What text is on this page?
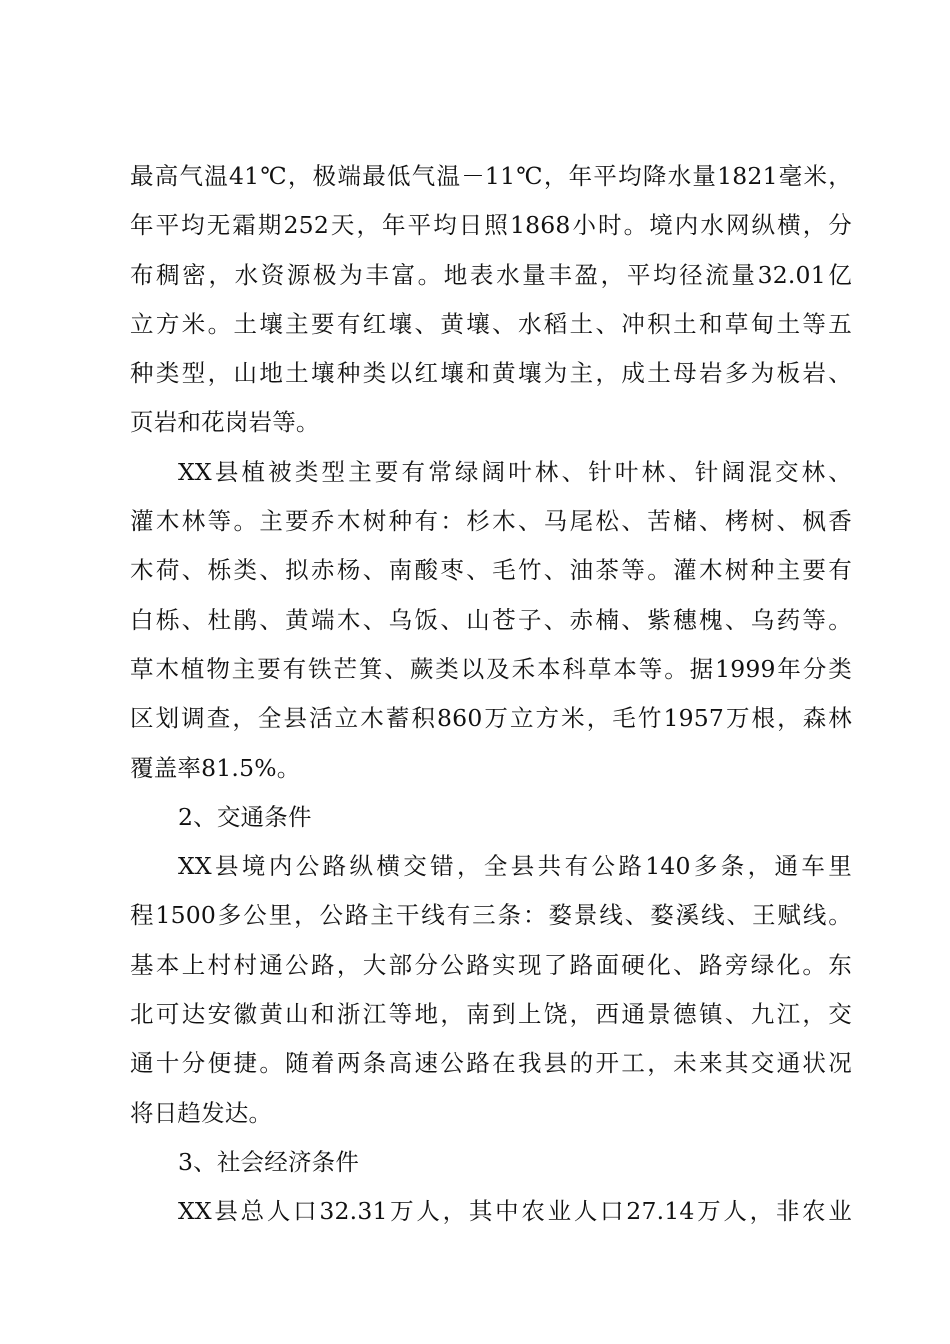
最高气温41℃，极端最低气温－11℃，年平均降水量1821毫米，
年平均无霜期252天，年平均日照1868小时。境内水网纵横，分
布稠密，水资源极为丰富。地表水量丰盈，平均径流量32.01亿
立方米。土壤主要有红壤、黄壤、水稻土、冲积土和草甸土等五
种类型，山地土壤种类以红壤和黄壤为主，成土母岩多为板岩、
页岩和花岗岩等。
XX县植被类型主要有常绿阔叶林、针叶林、针阔混交林、
灌木林等。主要乔木树种有：杉木、马尾松、苦槠、栲树、枫香
木荷、栎类、拟赤杨、南酸枣、毛竹、油茶等。灌木树种主要有
白栎、杜鹃、黄端木、乌饭、山苍子、赤楠、紫穗槐、乌药等。
草木植物主要有铁芒箕、蕨类以及禾本科草本等。据1999年分类
区划调查，全县活立木蓄积860万立方米，毛竹1957万根，森林
覆盖率81.5%。
2、交通条件
XX县境内公路纵横交错，全县共有公路140多条，通车里
程1500多公里，公路主干线有三条：婺景线、婺溪线、王赋线。
基本上村村通公路，大部分公路实现了路面硬化、路旁绿化。东
北可达安徽黄山和浙江等地，南到上饶，西通景德镇、九江，交
通十分便捷。随着两条高速公路在我县的开工，未来其交通状况
将日趋发达。
3、社会经济条件
XX县总人口32.31万人，其中农业人口27.14万人，非农业
